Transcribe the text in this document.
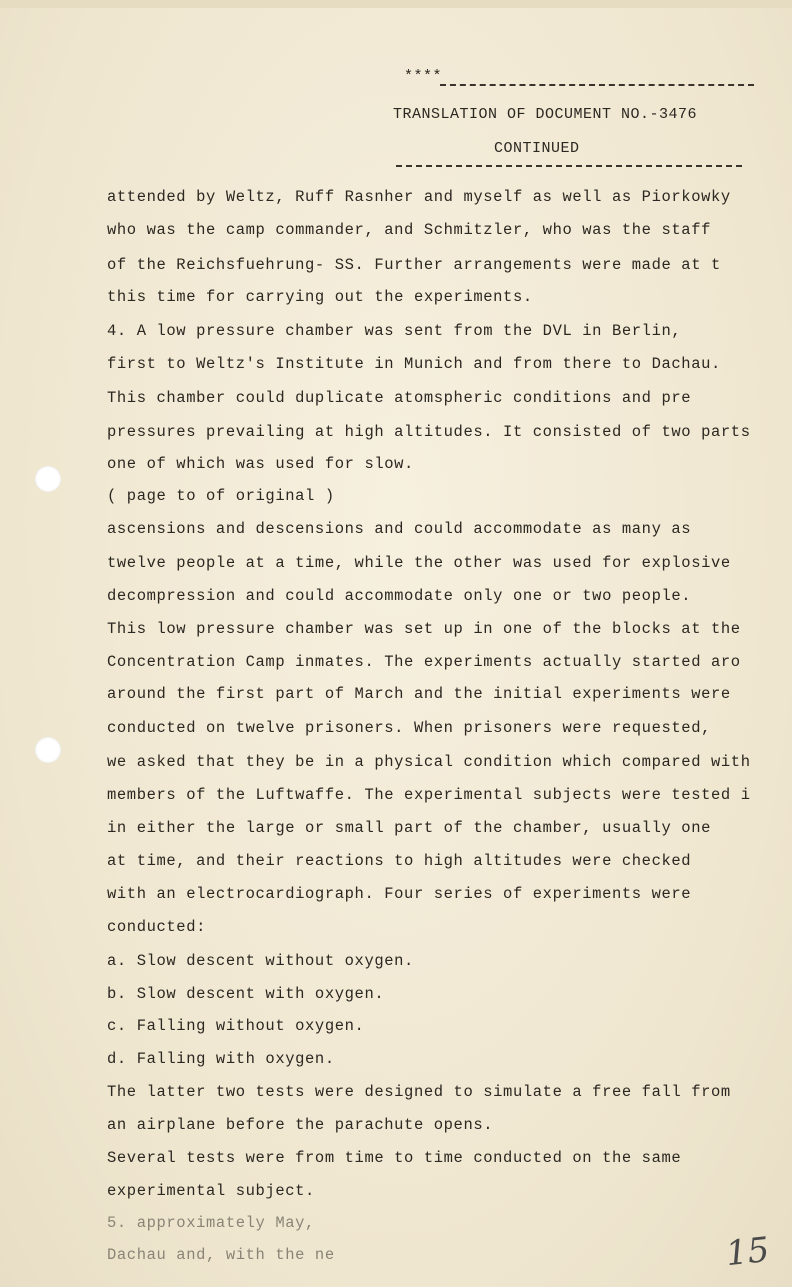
****
TRANSLATION OF DOCUMENT NO.-3476
CONTINUED
attended by Weltz, Ruff Rasnher and myself as well as Piorkowky
who was the camp commander, and Schmitzler, who was the staff
of the Reichsfuehrung- SS. Further arrangements were made at t
this time for carrying out the experiments.
4. A low pressure chamber was sent from the DVL in Berlin,
first to Weltz's Institute in Munich and from there to Dachau.
This chamber could duplicate atomspheric conditions and pre
pressures prevailing at high altitudes. It consisted of two parts
one of which was used for slow.
( page to of original )
ascensions and descensions and could accommodate as many as
twelve people at a time, while the other was used for explosive
decompression and could accommodate only one or two people.
This low pressure chamber was set up in one of the blocks at the
Concentration Camp inmates. The experiments actually started aro
around the first part of March and the initial experiments were
conducted on twelve prisoners. When prisoners were requested,
we asked that they be in a physical condition which compared with
members of the Luftwaffe. The experimental subjects were tested i
in either the large or small part of the chamber, usually one
at time, and their reactions to high altitudes were checked
with an electrocardiograph. Four series of experiments were
conducted:
a. Slow descent without oxygen.
b. Slow descent with oxygen.
c. Falling without oxygen.
d. Falling with oxygen.
The latter two tests were designed to simulate a free fall from
an airplane before the parachute opens.
Several tests were from time to time conducted on the same
experimental subject.
5. approximately May,
Dachau and, with the ne	15
